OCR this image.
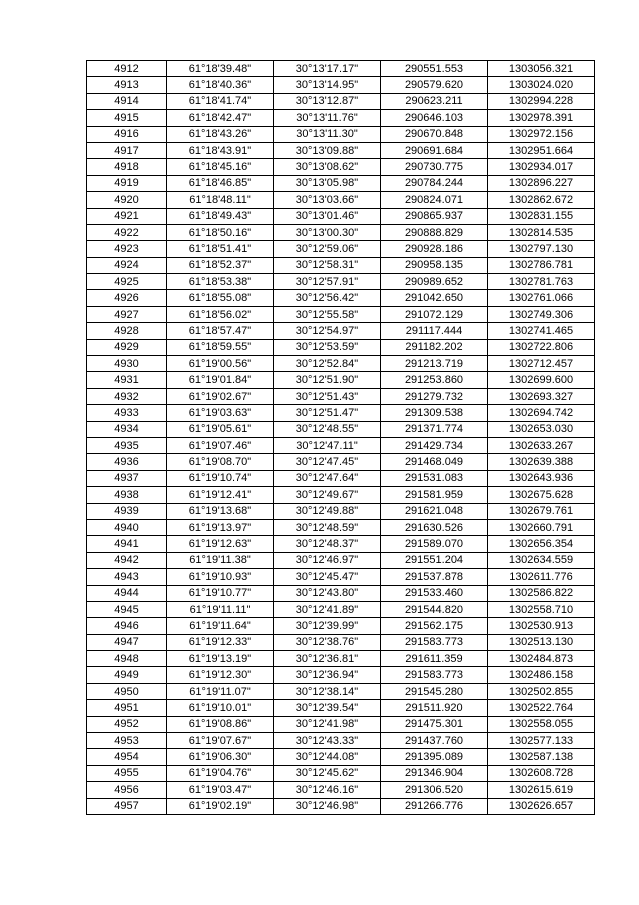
4912	61°18'39.48"	30°13'17.17"	290551.553	1303056.321
4913	61°18'40.36"	30°13'14.95"	290579.620	1303024.020
4914	61°18'41.74"	30°13'12.87"	290623.211	1302994.228
4915	61°18'42.47"	30°13'11.76"	290646.103	1302978.391
4916	61°18'43.26"	30°13'11.30"	290670.848	1302972.156
4917	61°18'43.91"	30°13'09.88"	290691.684	1302951.664
4918	61°18'45.16"	30°13'08.62"	290730.775	1302934.017
4919	61°18'46.85"	30°13'05.98"	290784.244	1302896.227
4920	61°18'48.11"	30°13'03.66"	290824.071	1302862.672
4921	61°18'49.43"	30°13'01.46"	290865.937	1302831.155
4922	61°18'50.16"	30°13'00.30"	290888.829	1302814.535
4923	61°18'51.41"	30°12'59.06"	290928.186	1302797.130
4924	61°18'52.37"	30°12'58.31"	290958.135	1302786.781
4925	61°18'53.38"	30°12'57.91"	290989.652	1302781.763
4926	61°18'55.08"	30°12'56.42"	291042.650	1302761.066
4927	61°18'56.02"	30°12'55.58"	291072.129	1302749.306
4928	61°18'57.47"	30°12'54.97"	291117.444	1302741.465
4929	61°18'59.55"	30°12'53.59"	291182.202	1302722.806
4930	61°19'00.56"	30°12'52.84"	291213.719	1302712.457
4931	61°19'01.84"	30°12'51.90"	291253.860	1302699.600
4932	61°19'02.67"	30°12'51.43"	291279.732	1302693.327
4933	61°19'03.63"	30°12'51.47"	291309.538	1302694.742
4934	61°19'05.61"	30°12'48.55"	291371.774	1302653.030
4935	61°19'07.46"	30°12'47.11"	291429.734	1302633.267
4936	61°19'08.70"	30°12'47.45"	291468.049	1302639.388
4937	61°19'10.74"	30°12'47.64"	291531.083	1302643.936
4938	61°19'12.41"	30°12'49.67"	291581.959	1302675.628
4939	61°19'13.68"	30°12'49.88"	291621.048	1302679.761
4940	61°19'13.97"	30°12'48.59"	291630.526	1302660.791
4941	61°19'12.63"	30°12'48.37"	291589.070	1302656.354
4942	61°19'11.38"	30°12'46.97"	291551.204	1302634.559
4943	61°19'10.93"	30°12'45.47"	291537.878	1302611.776
4944	61°19'10.77"	30°12'43.80"	291533.460	1302586.822
4945	61°19'11.11"	30°12'41.89"	291544.820	1302558.710
4946	61°19'11.64"	30°12'39.99"	291562.175	1302530.913
4947	61°19'12.33"	30°12'38.76"	291583.773	1302513.130
4948	61°19'13.19"	30°12'36.81"	291611.359	1302484.873
4949	61°19'12.30"	30°12'36.94"	291583.773	1302486.158
4950	61°19'11.07"	30°12'38.14"	291545.280	1302502.855
4951	61°19'10.01"	30°12'39.54"	291511.920	1302522.764
4952	61°19'08.86"	30°12'41.98"	291475.301	1302558.055
4953	61°19'07.67"	30°12'43.33"	291437.760	1302577.133
4954	61°19'06.30"	30°12'44.08"	291395.089	1302587.138
4955	61°19'04.76"	30°12'45.62"	291346.904	1302608.728
4956	61°19'03.47"	30°12'46.16"	291306.520	1302615.619
4957	61°19'02.19"	30°12'46.98"	291266.776	1302626.657
